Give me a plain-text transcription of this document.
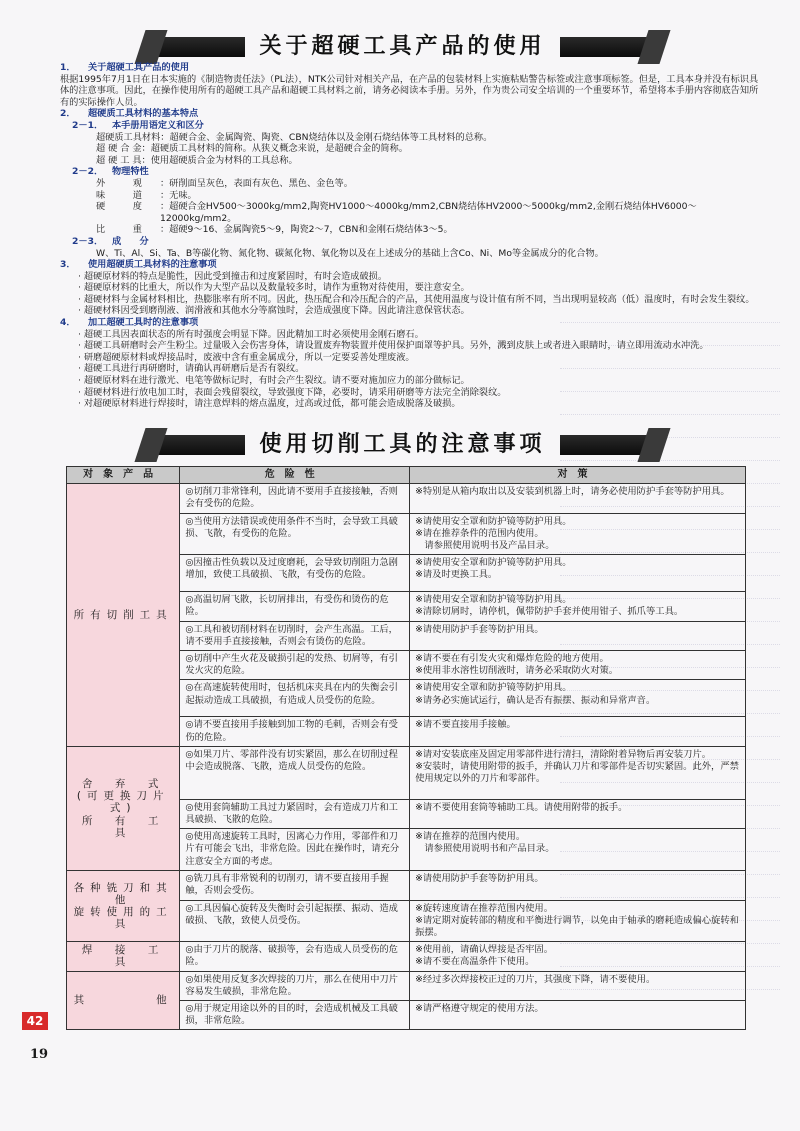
关于超硬工具产品的使用
1．	关于超硬工具产品的使用
根据1995年7月1日在日本实施的《制造物责任法》（PL法），NTK公司针对相关产品，在产品的包装材料上实施粘贴警告标签或注意事项标签。但是，工具本身并没有标识具体的注意事项。因此，在操作使用所有的超硬工具产品和超硬工具材料之前，请务必阅读本手册。另外，作为贵公司安全培训的一个重要环节，希望将本手册内容彻底告知所有的实际操作人员。
2．	超硬质工具材料的基本特点
2－1． 本手册用语定义和区分
超硬质工具材料：超硬合金、金属陶瓷、陶瓷、CBN烧结体以及金刚石烧结体等工具材料的总称。
超 硬 合 金：超硬质工具材料的简称。从狭义概念来说，是超硬合金的简称。
超 硬 工 具：使用超硬质合金为材料的工具总称。
2－2． 物理特性
外　　　观	：研削面呈灰色，表面有灰色、黑色、金色等。
味　　　道	：无味。
硬　　　度	：超硬合金HV500～3000kg/mm2,陶瓷HV1000～4000kg/mm2,CBN烧结体HV2000～5000kg/mm2,金刚石烧结体HV6000～12000kg/mm2。
比　　　重	：超硬9～16、金属陶瓷5～9，陶瓷2～7，CBN和金刚石烧结体3～5。
2－3． 成　　分
W、Ti、Al、Si、Ta、B等碳化物、氮化物、碳氮化物、氧化物以及在上述成分的基础上含Co、Ni、Mo等金属成分的化合物。
3．	使用超硬质工具材料的注意事项
· 超硬原材料的特点是脆性，因此受到撞击和过度紧固时，有时会造成破损。
· 超硬原材料的比重大，所以作为大型产品以及数量较多时，请作为重物对待使用，要注意安全。
· 超硬材料与金属材料相比，热膨胀率有所不同。因此，热压配合和冷压配合的产品，其使用温度与设计值有所不同，当出现明显较高（低）温度时，有时会发生裂纹。
· 超硬材料因受到磨削液、润滑液和其他水分等腐蚀时，会造成强度下降。因此请注意保管状态。
4．	加工超硬工具时的注意事项
· 超硬工具因表面状态的所有时强度会明显下降。因此精加工时必须使用金刚石磨石。
· 超硬工具研磨时会产生粉尘。过量吸入会伤害身体，请设置废弃物装置并使用保护面罩等护具。另外，溅到皮肤上或者进入眼睛时，请立即用流动水冲洗。
· 研磨超硬原材料或焊接品时，废液中含有重金属成分，所以一定要妥善处理废液。
· 超硬工具进行再研磨时，请确认再研磨后是否有裂纹。
· 超硬原材料在进行激光、电笔等做标记时，有时会产生裂纹。请不要对施加应力的部分做标记。
· 超硬材料进行放电加工时，表面会残留裂纹，导致强度下降，必要时，请采用研磨等方法完全消除裂纹。
· 对超硬原材料进行焊接时，请注意焊料的熔点温度，过高或过低，都可能会造成脱落及破损。
使用切削工具的注意事项
对象产品	危险性	对策
所有切削工具	◎切削刀非常锋利，因此请不要用手直接接触，否则会有受伤的危险。	※特别是从箱内取出以及安装到机器上时，请务必使用防护手套等防护用具。
	◎当使用方法错误或使用条件不当时，会导致工具破损、飞散，有受伤的危险。	※请使用安全罩和防护镜等防护用具。
※请在推荐条件的范围内使用。
　请参照使用说明书及产品目录。
	◎因撞击性负载以及过度磨耗，会导致切削阻力急剧增加，致使工具破损、飞散，有受伤的危险。	※请使用安全罩和防护镜等防护用具。
※请及时更换工具。
	◎高温切屑飞散，长切屑排出，有受伤和烫伤的危险。	※请使用安全罩和防护镜等防护用具。
※清除切屑时，请停机，佩带防护手套并使用钳子、抓爪等工具。
	◎工具和被切削材料在切削时，会产生高温。工后，请不要用手直接接触，否则会有烫伤的危险。	※请使用防护手套等防护用具。
	◎切削中产生火花及破损引起的发热、切屑等，有引发火灾的危险。	※请不要在有引发火灾和爆炸危险的地方使用。
※使用非水溶性切削液时，请务必采取防火对策。
	◎在高速旋转使用时，包括机床夹具在内的失衡会引起振动造成工具破损，有造成人员受伤的危险。	※请使用安全罩和防护镜等防护用具。
※请务必实施试运行，确认是否有振摆、振动和异常声音。
	◎请不要直接用手接触到加工物的毛刺，否则会有受伤的危险。	※请不要直接用手接触。
舍　弃　式
(可更换刀片式)
所　有　工　具	◎如果刀片、零部件没有切实紧固，那么在切削过程中会造成脱落、飞散，造成人员受伤的危险。	※请对安装底座及固定用零部件进行清扫，清除附着异物后再安装刀片。
※安装时，请使用附带的扳手，并确认刀片和零部件是否切实紧固。此外，严禁使用规定以外的刀片和零部件。
	◎使用套筒辅助工具过力紧固时，会有造成刀片和工具破损、飞散的危险。	※请不要使用套筒等辅助工具。请使用附带的扳手。
	◎使用高速旋转工具时，因离心力作用，零部件和刀片有可能会飞出，非常危险。因此在操作时，请充分注意安全方面的考虑。	※请在推荐的范围内使用。
　请参照使用说明书和产品目录。
各种铣刀和其他
旋转使用的工具	◎铣刀具有非常锐利的切削刃，请不要直接用手握触，否则会受伤。	※请使用防护手套等防护用具。
	◎工具因偏心旋转及失衡时会引起振摆、振动、造成破损、飞散，致使人员受伤。	※旋转速度请在推荐范围内使用。
※请定期对旋转部的精度和平衡进行调节，以免由于轴承的磨耗造成偏心旋转和振摆。
焊　接　工　具	◎由于刀片的脱落、破损等，会有造成人员受伤的危险。	※使用前，请确认焊接是否牢固。
※请不要在高温条件下使用。
其　　　　他	◎如果使用反复多次焊接的刀片，那么在使用中刀片容易发生破损，非常危险。	※经过多次焊接校正过的刀片，其强度下降，请不要使用。
	◎用于规定用途以外的目的时，会造成机械及工具破损，非常危险。	※请严格遵守规定的使用方法。
42
19
